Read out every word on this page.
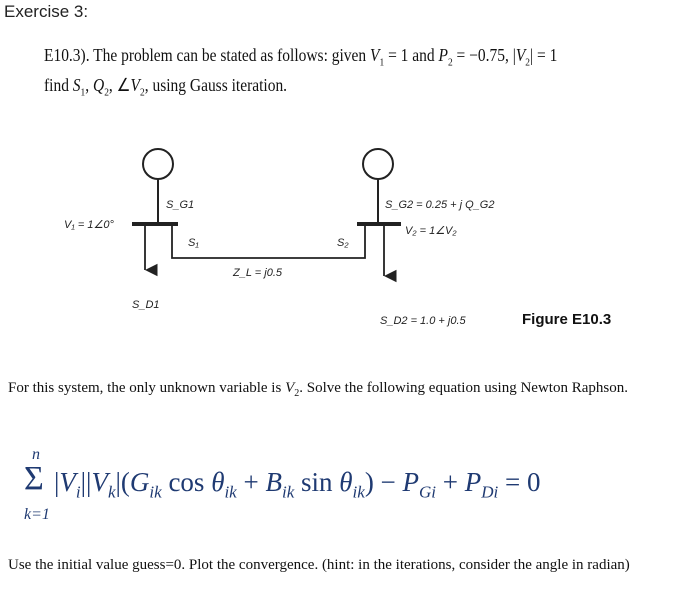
Exercise 3:
E10.3). The problem can be stated as follows: given $V_1 = 1$ and $P_2 = -0.75$, $|V_2| = 1$
find $S_1$, $Q_2$, $\angle V_2$, using Gauss iteration.
V₁ = 1∠0°
S_G1
S₁
Z_L = j0.5
S₂
S_D1
S_G2 = 0.25 + j Q_G2
V₂ = 1∠V₂
S_D2 = 1.0 + j0.5	Figure E10.3
For this system, the only unknown variable is $V_2$. Solve the following equation using Newton Raphson.
n
Σ
k=1
$|V_i||V_k|(G_{ik}$ $\cos \theta_{ik} + B_{ik}$ $\sin \theta_{ik}) - P_{Gi} + P_{Di} = 0$
Use the initial value guess=0. Plot the convergence. (hint: in the iterations, consider the angle in radian)
